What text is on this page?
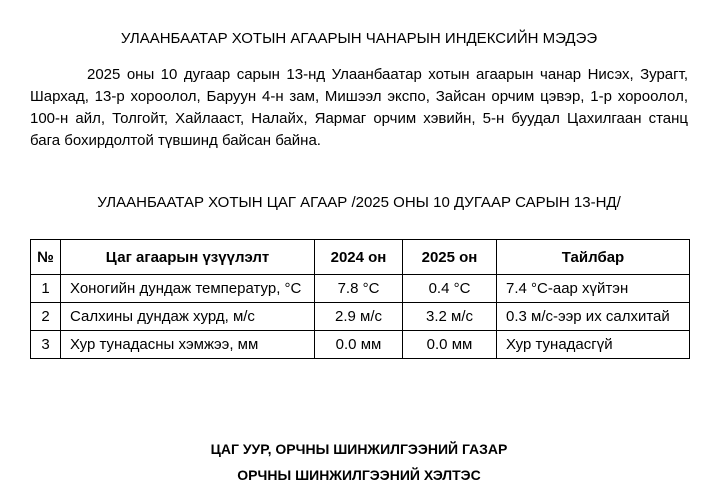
УЛААНБААТАР ХОТЫН АГААРЫН ЧАНАРЫН ИНДЕКСИЙН МЭДЭЭ

2025 оны 10 дугаар сарын 13-нд Улаанбаатар хотын агаарын чанар Нисэх, Зурагт, Шархад, 13-р хороолол, Баруун 4-н зам, Мишээл экспо, Зайсан орчим цэвэр, 1-р хороолол, 100-н айл, Толгойт, Хайлааст, Налайх, Яармаг орчим хэвийн, 5-н буудал Цахилгаан станц бага бохирдолтой түвшинд байсан байна.

УЛААНБААТАР ХОТЫН ЦАГ АГААР /2025 ОНЫ 10 ДУГААР САРЫН 13-НД/

№	Цаг агаарын үзүүлэлт	2024 он	2025 он	Тайлбар
1	Хоногийн дундаж температур, °С	7.8 °С	0.4 °С	7.4 °С-аар хүйтэн
2	Салхины дундаж хурд, м/с	2.9 м/с	3.2 м/с	0.3 м/с-ээр их салхитай
3	Хур тунадасны хэмжээ, мм	0.0 мм	0.0 мм	Хур тунадасгүй

ЦАГ УУР, ОРЧНЫ ШИНЖИЛГЭЭНИЙ ГАЗАР

ОРЧНЫ ШИНЖИЛГЭЭНИЙ ХЭЛТЭС
